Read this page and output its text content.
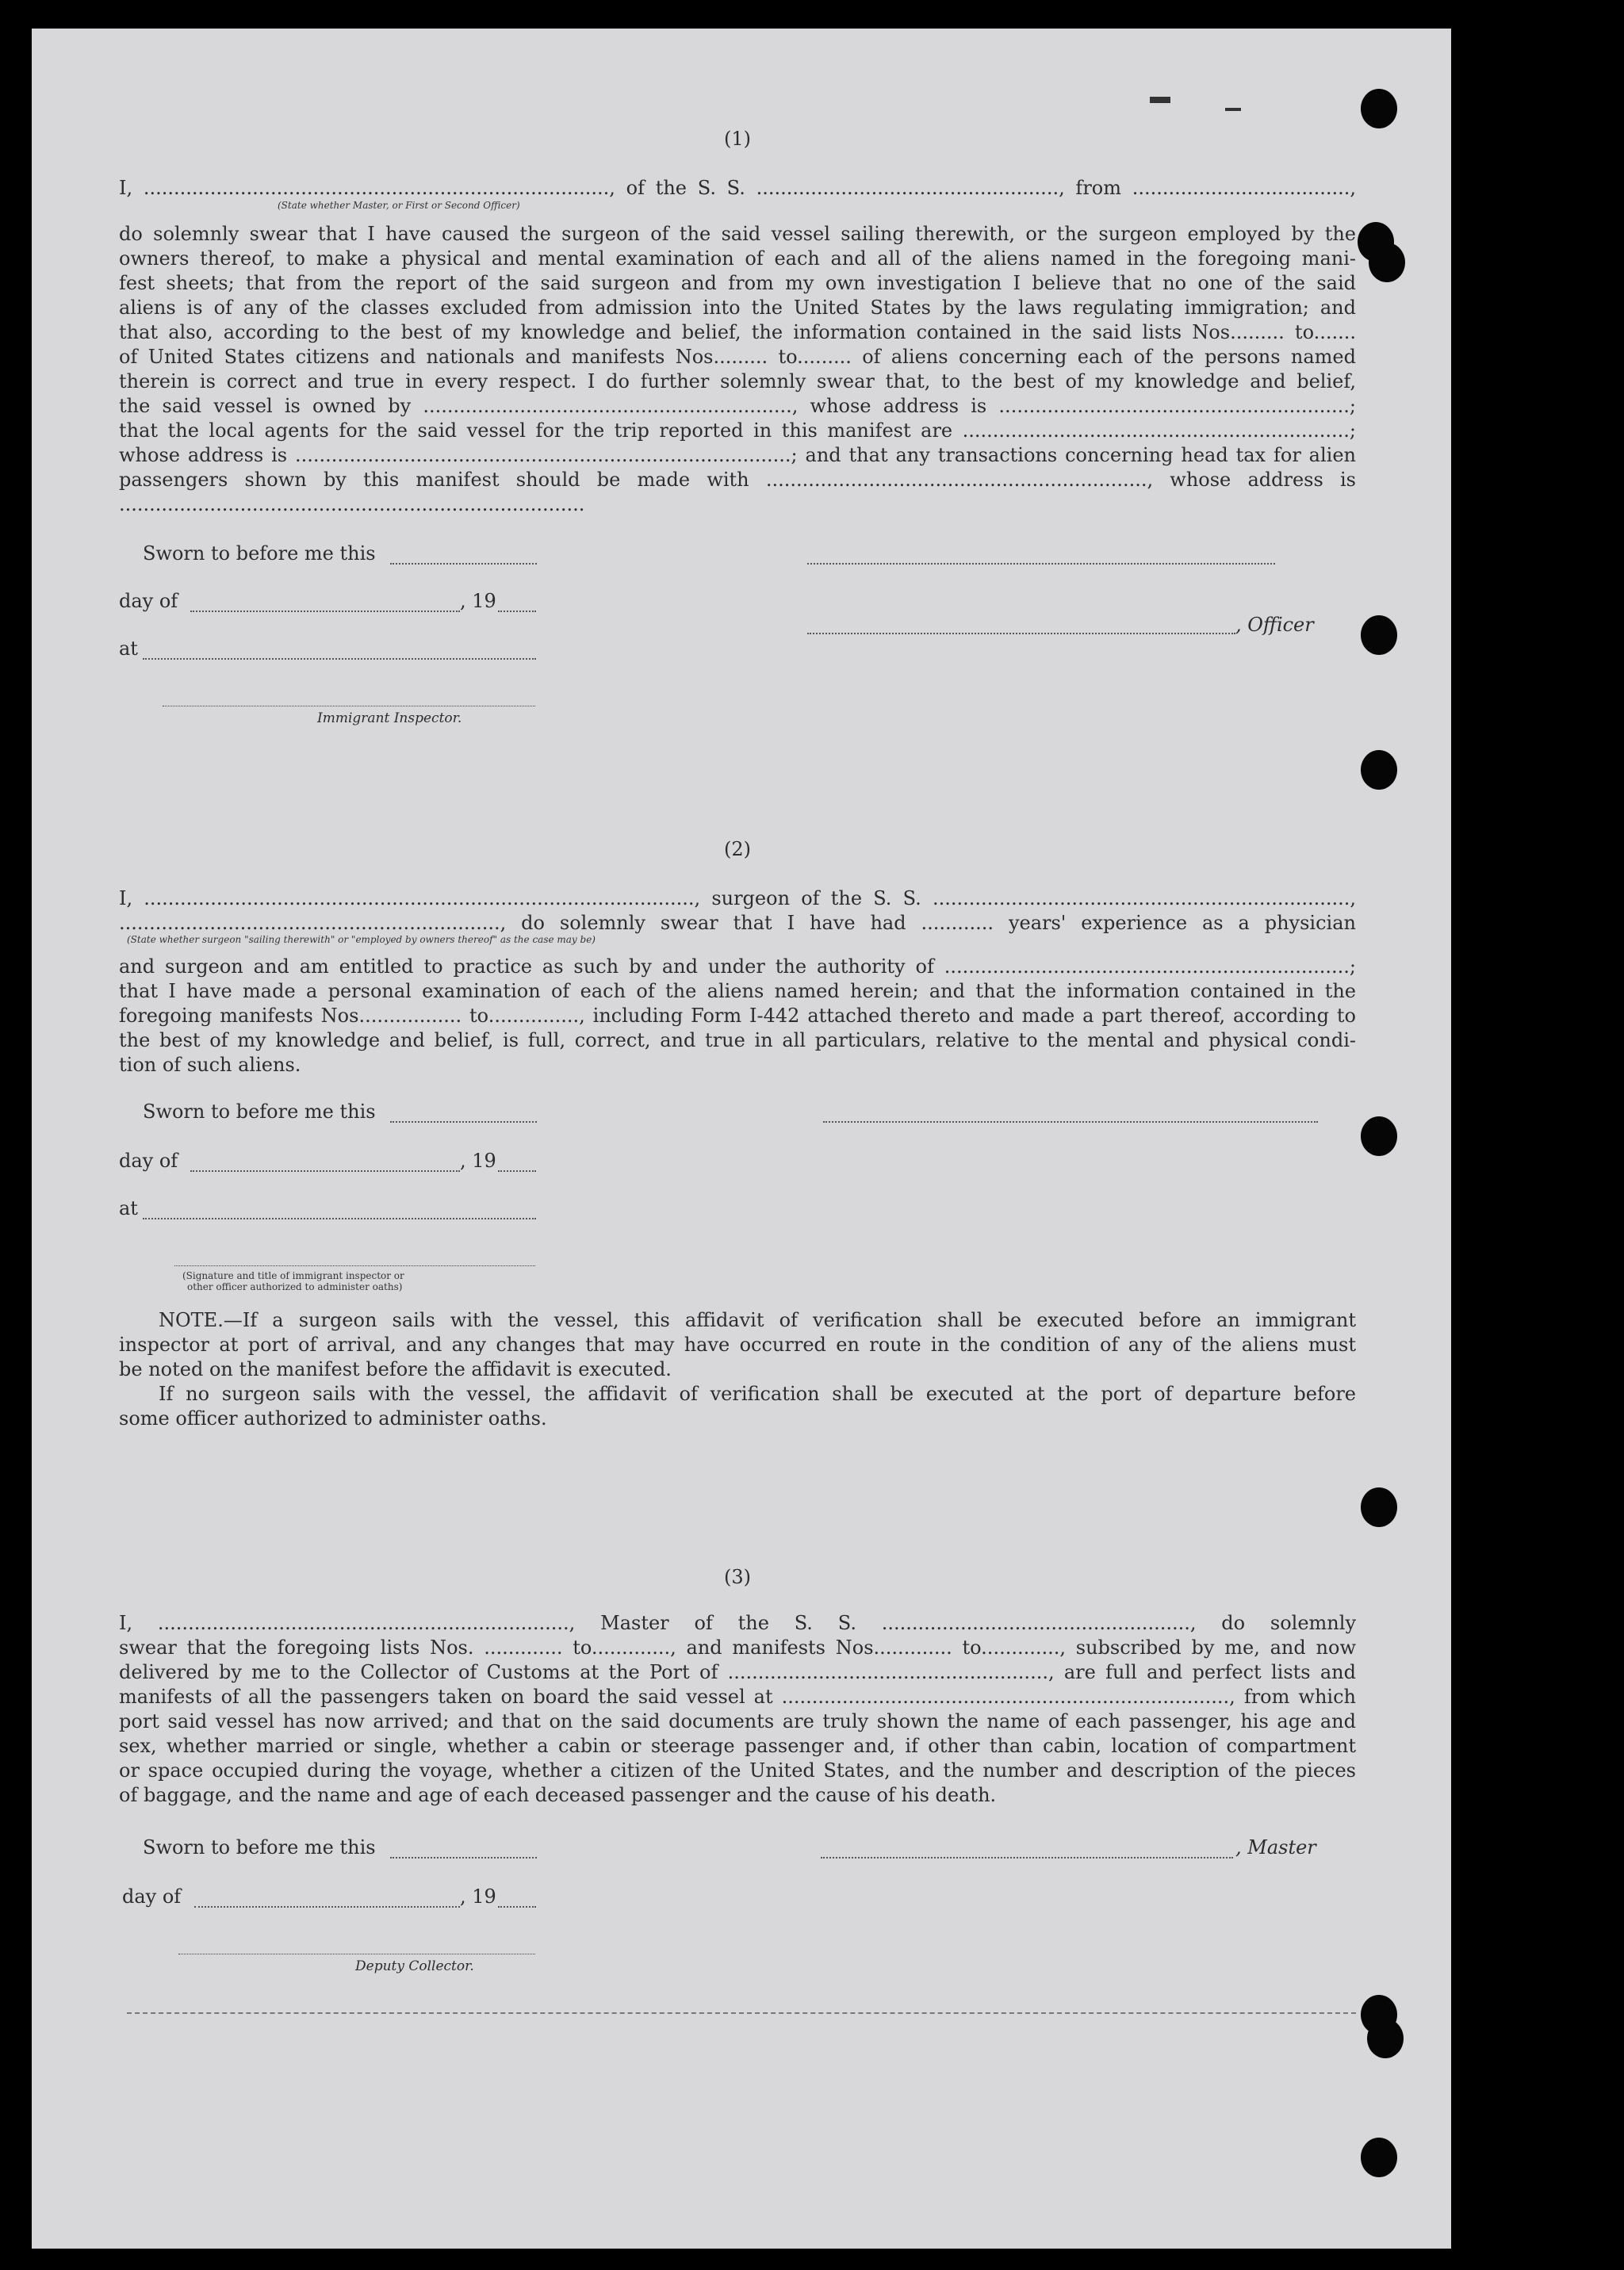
(1)
I, ............................................................................., of the S. S. .................................................., from ....................................,
(State whether Master, or First or Second Officer)
do solemnly swear that I have caused the surgeon of the said vessel sailing therewith, or the surgeon employed by the
owners thereof, to make a physical and mental examination of each and all of the aliens named in the foregoing mani-
fest sheets; that from the report of the said surgeon and from my own investigation I believe that no one of the said
aliens is of any of the classes excluded from admission into the United States by the laws regulating immigration; and
that also, according to the best of my knowledge and belief, the information contained in the said lists Nos......... to.......
of United States citizens and nationals and manifests Nos......... to......... of aliens concerning each of the persons named
therein is correct and true in every respect. I do further solemnly swear that, to the best of my knowledge and belief,
the said vessel is owned by ............................................................., whose address is ..........................................................;
that the local agents for the said vessel for the trip reported in this manifest are ................................................................;
whose address is ..................................................................................; and that any transactions concerning head tax for alien
passengers shown by this manifest should be made with ..............................................................., whose address is
.............................................................................
Sworn to before me this
day of	, 19
, Officer
at
Immigrant Inspector.
(2)
I, ..........................................................................................., surgeon of the S. S. .....................................................................,
..............................................................., do solemnly swear that I have had ............ years' experience as a physician
(State whether surgeon "sailing therewith" or "employed by owners thereof" as the case may be)
and surgeon and am entitled to practice as such by and under the authority of ...................................................................;
that I have made a personal examination of each of the aliens named herein; and that the information contained in the
foregoing manifests Nos................. to..............., including Form I-442 attached thereto and made a part thereof, according to
the best of my knowledge and belief, is full, correct, and true in all particulars, relative to the mental and physical condi-
tion of such aliens.
Sworn to before me this
day of	, 19
at
(Signature and title of immigrant inspector or
other officer authorized to administer oaths)
NOTE.—If a surgeon sails with the vessel, this affidavit of verification shall be executed before an immigrant
inspector at port of arrival, and any changes that may have occurred en route in the condition of any of the aliens must
be noted on the manifest before the affidavit is executed.
If no surgeon sails with the vessel, the affidavit of verification shall be executed at the port of departure before
some officer authorized to administer oaths.
(3)
I, ...................................................................., Master of the S. S. ..................................................., do solemnly
swear that the foregoing lists Nos. ............. to............., and manifests Nos............. to............., subscribed by me, and now
delivered by me to the Collector of Customs at the Port of ....................................................., are full and perfect lists and
manifests of all the passengers taken on board the said vessel at .........................................................................., from which
port said vessel has now arrived; and that on the said documents are truly shown the name of each passenger, his age and
sex, whether married or single, whether a cabin or steerage passenger and, if other than cabin, location of compartment
or space occupied during the voyage, whether a citizen of the United States, and the number and description of the pieces
of baggage, and the name and age of each deceased passenger and the cause of his death.
Sworn to before me this	, Master
day of	, 19
Deputy Collector.
